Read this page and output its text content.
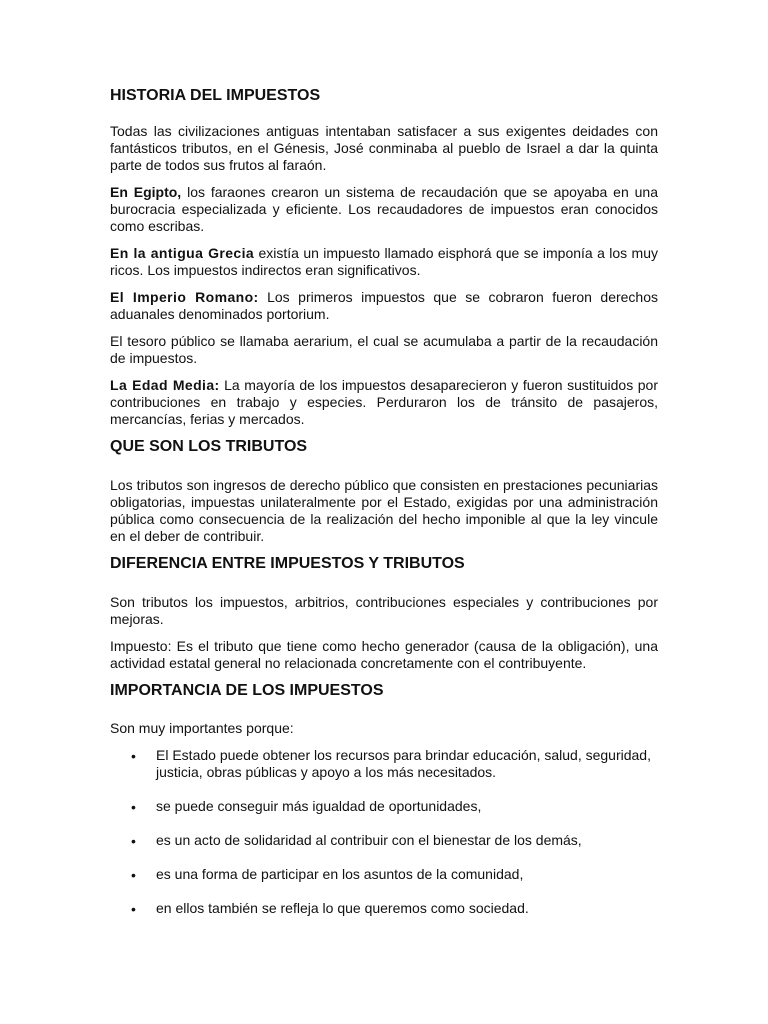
HISTORIA DEL IMPUESTOS

Todas las civilizaciones antiguas intentaban satisfacer a sus exigentes deidades con fantásticos tributos, en el Génesis, José conminaba al pueblo de Israel a dar la quinta parte de todos sus frutos al faraón.

En Egipto, los faraones crearon un sistema de recaudación que se apoyaba en una burocracia especializada y eficiente. Los recaudadores de impuestos eran conocidos como escribas.

En la antigua Grecia existía un impuesto llamado eisphorá que se imponía a los muy ricos. Los impuestos indirectos eran significativos.

El Imperio Romano: Los primeros impuestos que se cobraron fueron derechos aduanales denominados portorium.

El tesoro público se llamaba aerarium, el cual se acumulaba a partir de la recaudación de impuestos.

La Edad Media: La mayoría de los impuestos desaparecieron y fueron sustituidos por contribuciones en trabajo y especies. Perduraron los de tránsito de pasajeros, mercancías, ferias y mercados.

QUE SON LOS TRIBUTOS

Los tributos son ingresos de derecho público que consisten en prestaciones pecuniarias obligatorias, impuestas unilateralmente por el Estado, exigidas por una administración pública como consecuencia de la realización del hecho imponible al que la ley vincule en el deber de contribuir.

DIFERENCIA ENTRE IMPUESTOS Y TRIBUTOS

Son tributos los impuestos, arbitrios, contribuciones especiales y contribuciones por mejoras.

Impuesto: Es el tributo que tiene como hecho generador (causa de la obligación), una actividad estatal general no relacionada concretamente con el contribuyente.

IMPORTANCIA DE LOS IMPUESTOS

Son muy importantes porque:

• El Estado puede obtener los recursos para brindar educación, salud, seguridad, justicia, obras públicas y apoyo a los más necesitados.
• se puede conseguir más igualdad de oportunidades,
• es un acto de solidaridad al contribuir con el bienestar de los demás,
• es una forma de participar en los asuntos de la comunidad,
• en ellos también se refleja lo que queremos como sociedad.
